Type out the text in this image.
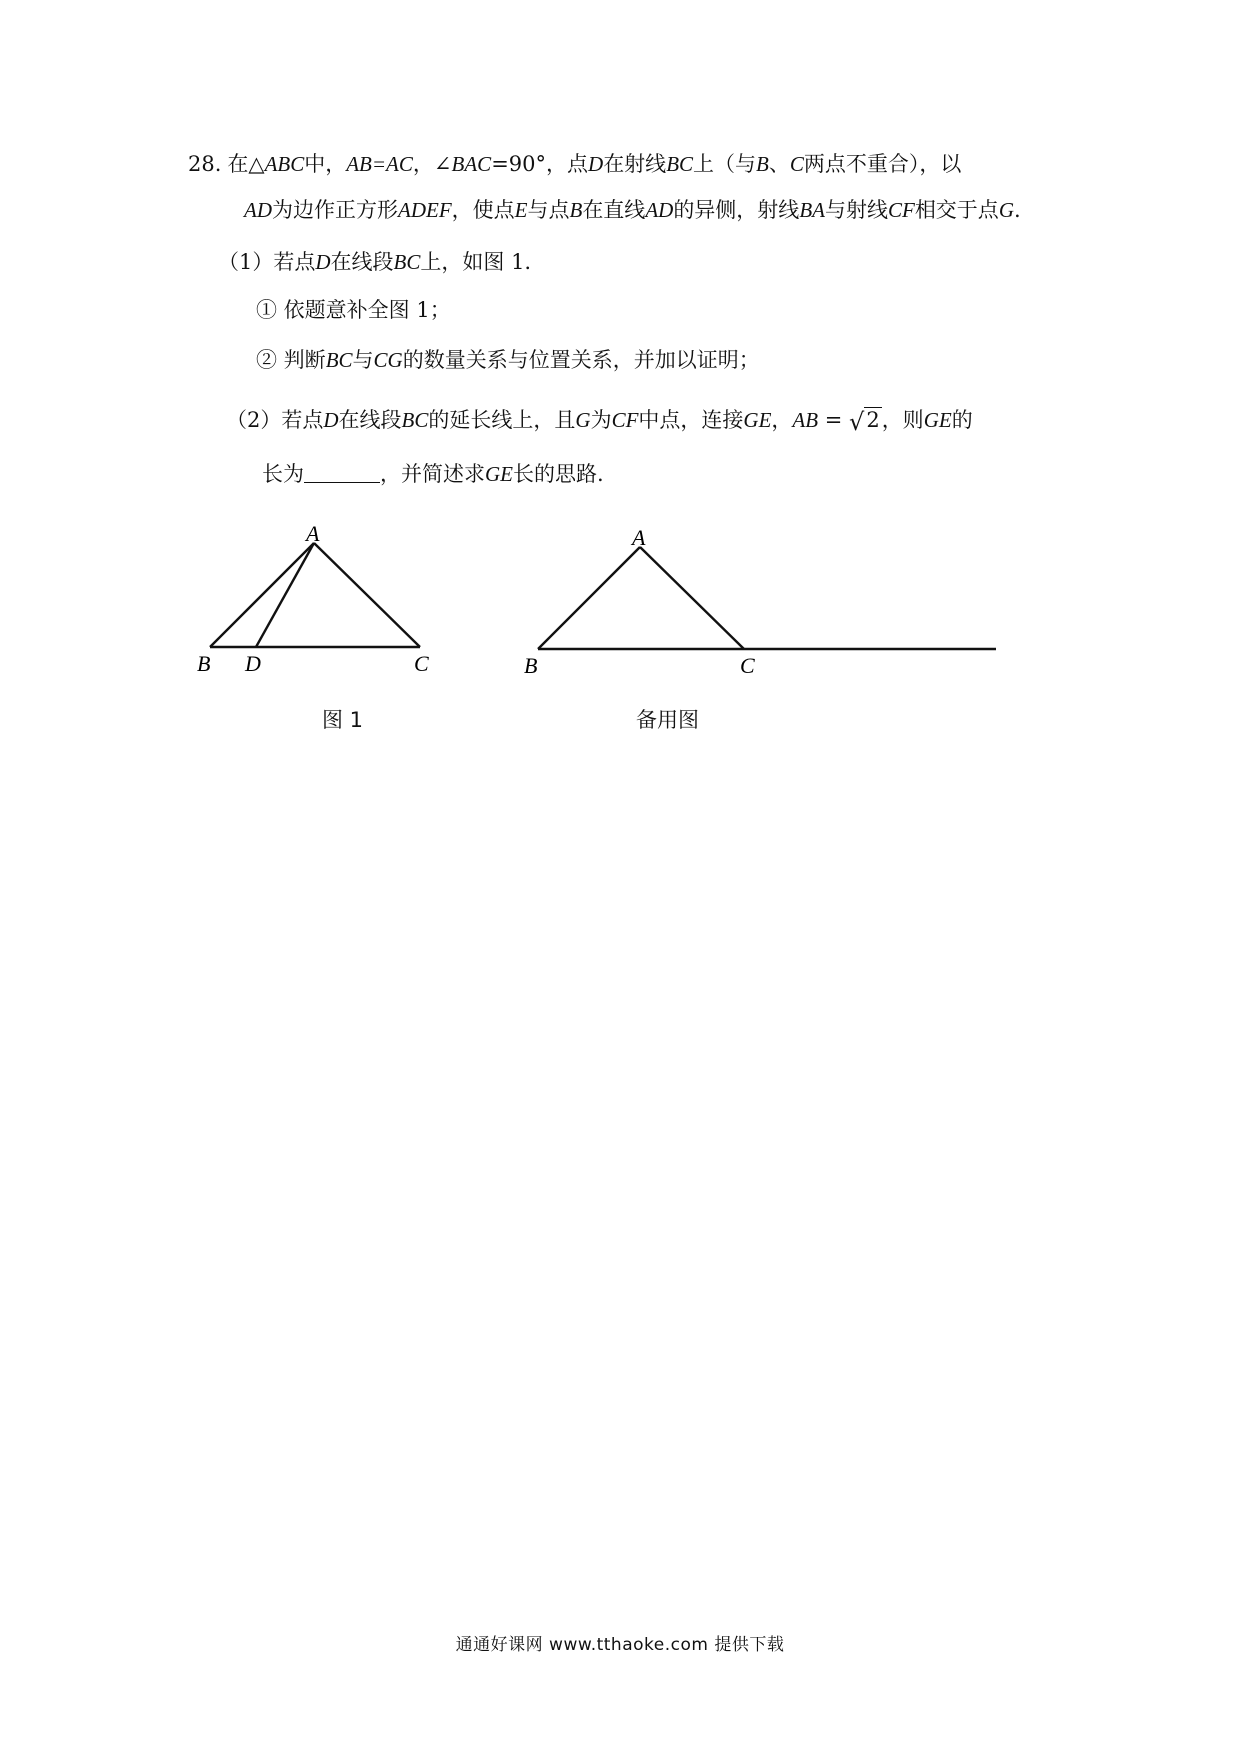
28. 在△ABC中，AB=AC，∠BAC=90°，点D在射线BC上（与B、C两点不重合），以
AD为边作正方形ADEF，使点E与点B在直线AD的异侧，射线BA与射线CF相交于点G.
（1）若点D在线段BC上，如图 1.
① 依题意补全图 1；
② 判断BC与CG的数量关系与位置关系，并加以证明；
（2）若点D在线段BC的延长线上，且G为CF中点，连接GE，AB = √2，则GE的
长为	，并简述求GE长的思路.
A
B D	C
图 1
A
B	C
备用图
通通好课网 www.tthaoke.com 提供下载
